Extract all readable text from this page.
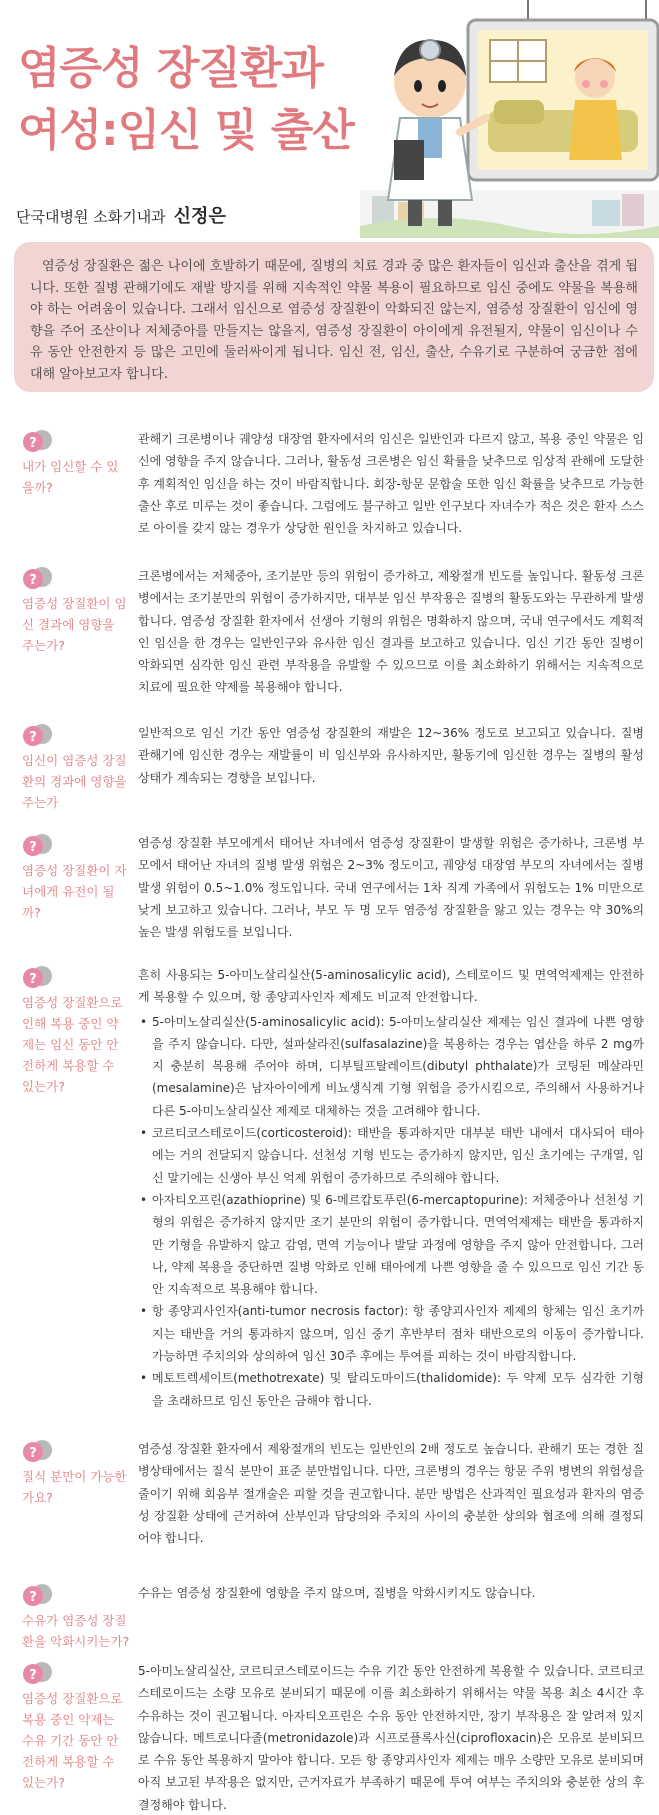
염증성 장질환과
여성:임신 및 출산
단국대병원 소화기내과 신정은
염증성 장질환은 젊은 나이에 호발하기 때문에, 질병의 치료 경과 중 많은 환자들이 임신과 출산을 겪게 됩니다. 또한 질병 관해기에도 재발 방지를 위해 지속적인 약물 복용이 필요하므로 임신 중에도 약물을 복용해야 하는 어려움이 있습니다. 그래서 임신으로 염증성 장질환이 악화되진 않는지, 염증성 장질환이 임신에 영향을 주어 조산이나 저체중아를 만들지는 않을지, 염증성 장질환이 아이에게 유전될지, 약물이 임신이나 수유 동안 안전한지 등 많은 고민에 둘러싸이게 됩니다. 임신 전, 임신, 출산, 수유기로 구분하여 궁금한 점에 대해 알아보고자 합니다.
?
내가 임신할 수 있을까?

관해기 크론병이나 궤양성 대장염 환자에서의 임신은 일반인과 다르지 않고, 복용 중인 약물은 임신에 영향을 주지 않습니다. 그러나, 활동성 크론병은 임신 확률을 낮추므로 임상적 관해에 도달한 후 계획적인 임신을 하는 것이 바람직합니다. 회장-항문 문합술 또한 임신 확률을 낮추므로 가능한 출산 후로 미루는 것이 좋습니다. 그럼에도 불구하고 일반 인구보다 자녀수가 적은 것은 환자 스스로 아이를 갖지 않는 경우가 상당한 원인을 차지하고 있습니다.

?
염증성 장질환이 임신 결과에 영향을 주는가?

크론병에서는 저체중아, 조기분만 등의 위험이 증가하고, 제왕절개 빈도를 높입니다. 활동성 크론병에서는 조기분만의 위험이 증가하지만, 대부분 임신 부작용은 질병의 활동도와는 무관하게 발생합니다. 염증성 장질환 환자에서 선생아 기형의 위험은 명확하지 않으며, 국내 연구에서도 계획적인 임신을 한 경우는 일반인구와 유사한 임신 결과를 보고하고 있습니다. 임신 기간 동안 질병이 악화되면 심각한 임신 관련 부작용을 유발할 수 있으므로 이를 최소화하기 위해서는 지속적으로 치료에 필요한 약제를 복용해야 합니다.

?
임신이 염증성 장질환의 경과에 영향을 주는가

일반적으로 임신 기간 동안 염증성 장질환의 재발은 12~36% 정도로 보고되고 있습니다. 질병 관해기에 임신한 경우는 재발률이 비 임신부와 유사하지만, 활동기에 임신한 경우는 질병의 활성 상태가 계속되는 경향을 보입니다.

?
염증성 장질환이 자녀에게 유전이 될까?

염증성 장질환 부모에게서 태어난 자녀에서 염증성 장질환이 발생할 위험은 증가하나, 크론병 부모에서 태어난 자녀의 질병 발생 위험은 2~3% 정도이고, 궤양성 대장염 부모의 자녀에서는 질병 발생 위험이 0.5~1.0% 정도입니다. 국내 연구에서는 1차 직계 가족에서 위험도는 1% 미만으로 낮게 보고하고 있습니다. 그러나, 부모 두 명 모두 염증성 장질환을 앓고 있는 경우는 약 30%의 높은 발생 위험도를 보입니다.

?
염증성 장질환으로 인해 복용 중인 약제는 임신 동안 안전하게 복용할 수 있는가?

흔히 사용되는 5-아미노살리실산(5-aminosalicylic acid), 스테로이드 및 면역억제제는 안전하게 복용할 수 있으며, 항 종양괴사인자 제제도 비교적 안전합니다.

• 5-아미노살리실산(5-aminosalicylic acid): 5-아미노살리실산 제제는 임신 결과에 나쁜 영향을 주지 않습니다. 다만, 설파살라진(sulfasalazine)을 복용하는 경우는 엽산을 하루 2 mg까지 충분히 복용해 주어야 하며, 디부틸프탈레이트(dibutyl phthalate)가 코팅된 메살라민(mesalamine)은 남자아이에게 비뇨생식계 기형 위험을 증가시킴으로, 주의해서 사용하거나 다른 5-아미노살리실산 제제로 대체하는 것을 고려해야 합니다.
• 코르티코스테로이드(corticosteroid): 태반을 통과하지만 대부분 태반 내에서 대사되어 태아에는 거의 전달되지 않습니다. 선천성 기형 빈도는 증가하지 않지만, 임신 초기에는 구개열, 임신 말기에는 신생아 부신 억제 위험이 증가하므로 주의해야 합니다.
• 아자티오프린(azathioprine) 및 6-메르캅토푸린(6-mercaptopurine): 저체중아나 선천성 기형의 위험은 증가하지 않지만 조기 분만의 위험이 증가합니다. 면역억제제는 태반을 통과하지만 기형을 유발하지 않고 감염, 면역 기능이나 발달 과정에 영향을 주지 않아 안전합니다. 그러나, 약제 복용을 중단하면 질병 악화로 인해 태아에게 나쁜 영향을 줄 수 있으므로 임신 기간 동안 지속적으로 복용해야 합니다.
• 항 종양괴사인자(anti-tumor necrosis factor): 항 종양괴사인자 제제의 항체는 임신 초기까지는 태반을 거의 통과하지 않으며, 임신 중기 후반부터 점차 태반으로의 이동이 증가합니다. 가능하면 주치의와 상의하여 임신 30주 후에는 투여를 피하는 것이 바람직합니다.
• 메토트렉세이트(methotrexate) 및 탈리도마이드(thalidomide): 두 약제 모두 심각한 기형을 초래하므로 임신 동안은 금해야 합니다.
?
질식 분만이 가능한가요?

염증성 장질환 환자에서 제왕절개의 빈도는 일반인의 2배 정도로 높습니다. 관해기 또는 경한 질병상태에서는 질식 분만이 표준 분만법입니다. 다만, 크론병의 경우는 항문 주위 병변의 위험성을 줄이기 위해 회음부 절개술은 피할 것을 권고합니다. 분만 방법은 산과적인 필요성과 환자의 염증성 장질환 상태에 근거하여 산부인과 담당의와 주치의 사이의 충분한 상의와 협조에 의해 결정되어야 합니다.

?
수유가 염증성 장질환을 악화시키는가?

수유는 염증성 장질환에 영향을 주지 않으며, 질병을 악화시키지도 않습니다.

?
염증성 장질환으로 복용 중인 약제는 수유 기간 동안 안전하게 복용할 수 있는가?

5-아미노살리실산, 코르티코스테로이드는 수유 기간 동안 안전하게 복용할 수 있습니다. 코르티코스테로이드는 소량 모유로 분비되기 때문에 이를 최소화하기 위해서는 약물 복용 최소 4시간 후 수유하는 것이 권고됩니다. 아자티오프린은 수유 동안 안전하지만, 장기 부작용은 잘 알려져 있지 않습니다. 메트로니다졸(metronidazole)과 시프로플록사신(ciprofloxacin)은 모유로 분비되므로 수유 동안 복용하지 말아야 합니다. 모든 항 종양괴사인자 제제는 매우 소량만 모유로 분비되며 아직 보고된 부작용은 없지만, 근거자료가 부족하기 때문에 투여 여부는 주치의와 충분한 상의 후 결정해야 합니다.
